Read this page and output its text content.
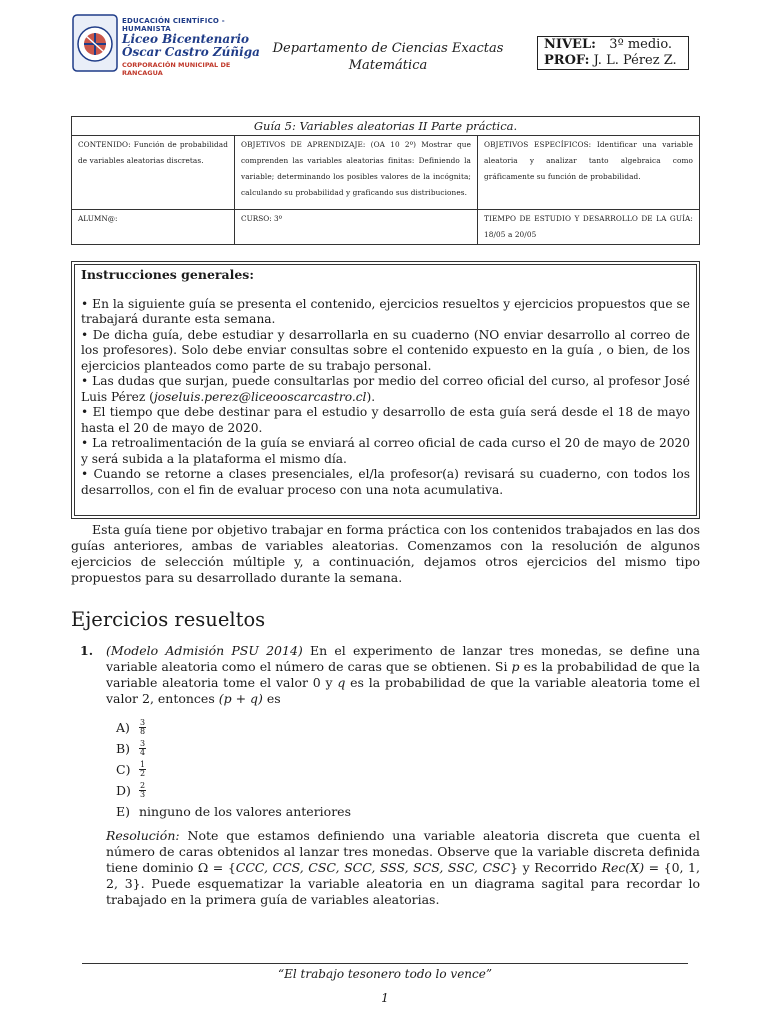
EDUCACIÓN CIENTÍFICO - HUMANISTA
Liceo Bicentenario
Óscar Castro Zúñiga
CORPORACIÓN MUNICIPAL DE RANCAGUA
Departamento de Ciencias Exactas
Matemática
NIVEL: 3º medio.
PROF: J. L. Pérez Z.
Guía 5: Variables aleatorias II Parte práctica.		
CONTENIDO: Función de probabilidad de variables aleatorias discretas.	OBJETIVOS DE APRENDIZAJE: (OA 10 2º) Mostrar que comprenden las variables aleatorias finitas: Definiendo la variable; determinando los posibles valores de la incógnita; calculando su probabilidad y graficando sus distribuciones.	OBJETIVOS ESPECÍFICOS: Identificar una variable aleatoria y analizar tanto algebraica como gráficamente su función de probabilidad.
ALUMN@:	CURSO: 3º	TIEMPO DE ESTUDIO Y DESARROLLO DE LA GUÍA: 18/05 a 20/05
Instrucciones generales:
• En la siguiente guía se presenta el contenido, ejercicios resueltos y ejercicios propuestos que se trabajará durante esta semana.
• De dicha guía, debe estudiar y desarrollarla en su cuaderno (NO enviar desarrollo al correo de los profesores). Solo debe enviar consultas sobre el contenido expuesto en la guía , o bien, de los ejercicios planteados como parte de su trabajo personal.
• Las dudas que surjan, puede consultarlas por medio del correo oficial del curso, al profesor José Luis Pérez (joseluis.perez@liceooscarcastro.cl).
• El tiempo que debe destinar para el estudio y desarrollo de esta guía será desde el 18 de mayo hasta el 20 de mayo de 2020.
• La retroalimentación de la guía se enviará al correo oficial de cada curso el 20 de mayo de 2020 y será subida a la plataforma el mismo día.
• Cuando se retorne a clases presenciales, el/la profesor(a) revisará su cuaderno, con todos los desarrollos, con el fin de evaluar proceso con una nota acumulativa.
Esta guía tiene por objetivo trabajar en forma práctica con los contenidos trabajados en las dos guías anteriores, ambas de variables aleatorias. Comenzamos con la resolución de algunos ejercicios de selección múltiple y, a continuación, dejamos otros ejercicios del mismo tipo propuestos para su desarrollado durante la semana.
Ejercicios resueltos
1. (Modelo Admisión PSU 2014) En el experimento de lanzar tres monedas, se define una variable aleatoria como el número de caras que se obtienen. Si p es la probabilidad de que la variable aleatoria tome el valor 0 y q es la probabilidad de que la variable aleatoria tome el valor 2, entonces (p + q) es
A)	$\frac{3}{8}$
B)	$\frac{3}{4}$
C)	$\frac{1}{2}$
D)	$\frac{2}{3}$
E) ninguno de los valores anteriores
Resolución: Note que estamos definiendo una variable aleatoria discreta que cuenta el número de caras obtenidos al lanzar tres monedas. Observe que la variable discreta definida tiene dominio Ω = {CCC, CCS, CSC, SCC, SSS, SCS, SSC, CSC} y Recorrido Rec(X) = {0, 1, 2, 3}. Puede esquematizar la variable aleatoria en un diagrama sagital para recordar lo trabajado en la primera guía de variables aleatorias.
“El trabajo tesonero todo lo vence”
1
